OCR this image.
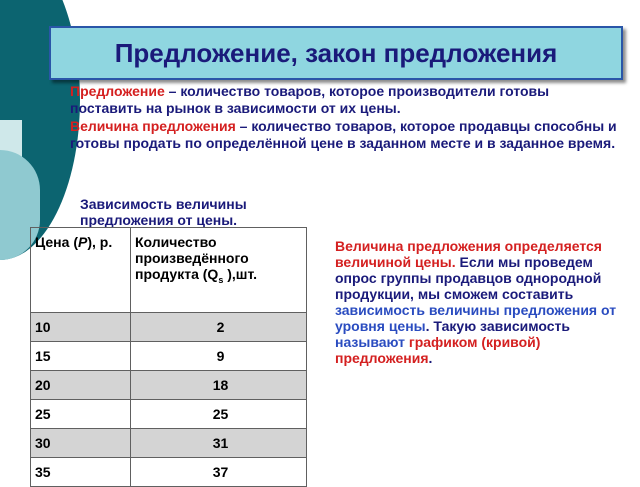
Предложение, закон предложения
Предложение – количество товаров, которое производители готовы поставить на рынок в зависимости от их цены.
Величина предложения – количество товаров, которое продавцы способны и готовы продать по определённой цене в заданном месте и в заданное время.
Зависимость величины предложения от цены.
Цена (P), р.	Количество произведённого продукта ($Q_s$ ),шт.
10	2
15	9
20	18
25	25
30	31
35	37
Величина предложения определяется величиной цены. Если мы проведем опрос группы продавцов однородной продукции, мы сможем составить зависимость величины предложения от уровня цены. Такую зависимость называют графиком (кривой) предложения.
